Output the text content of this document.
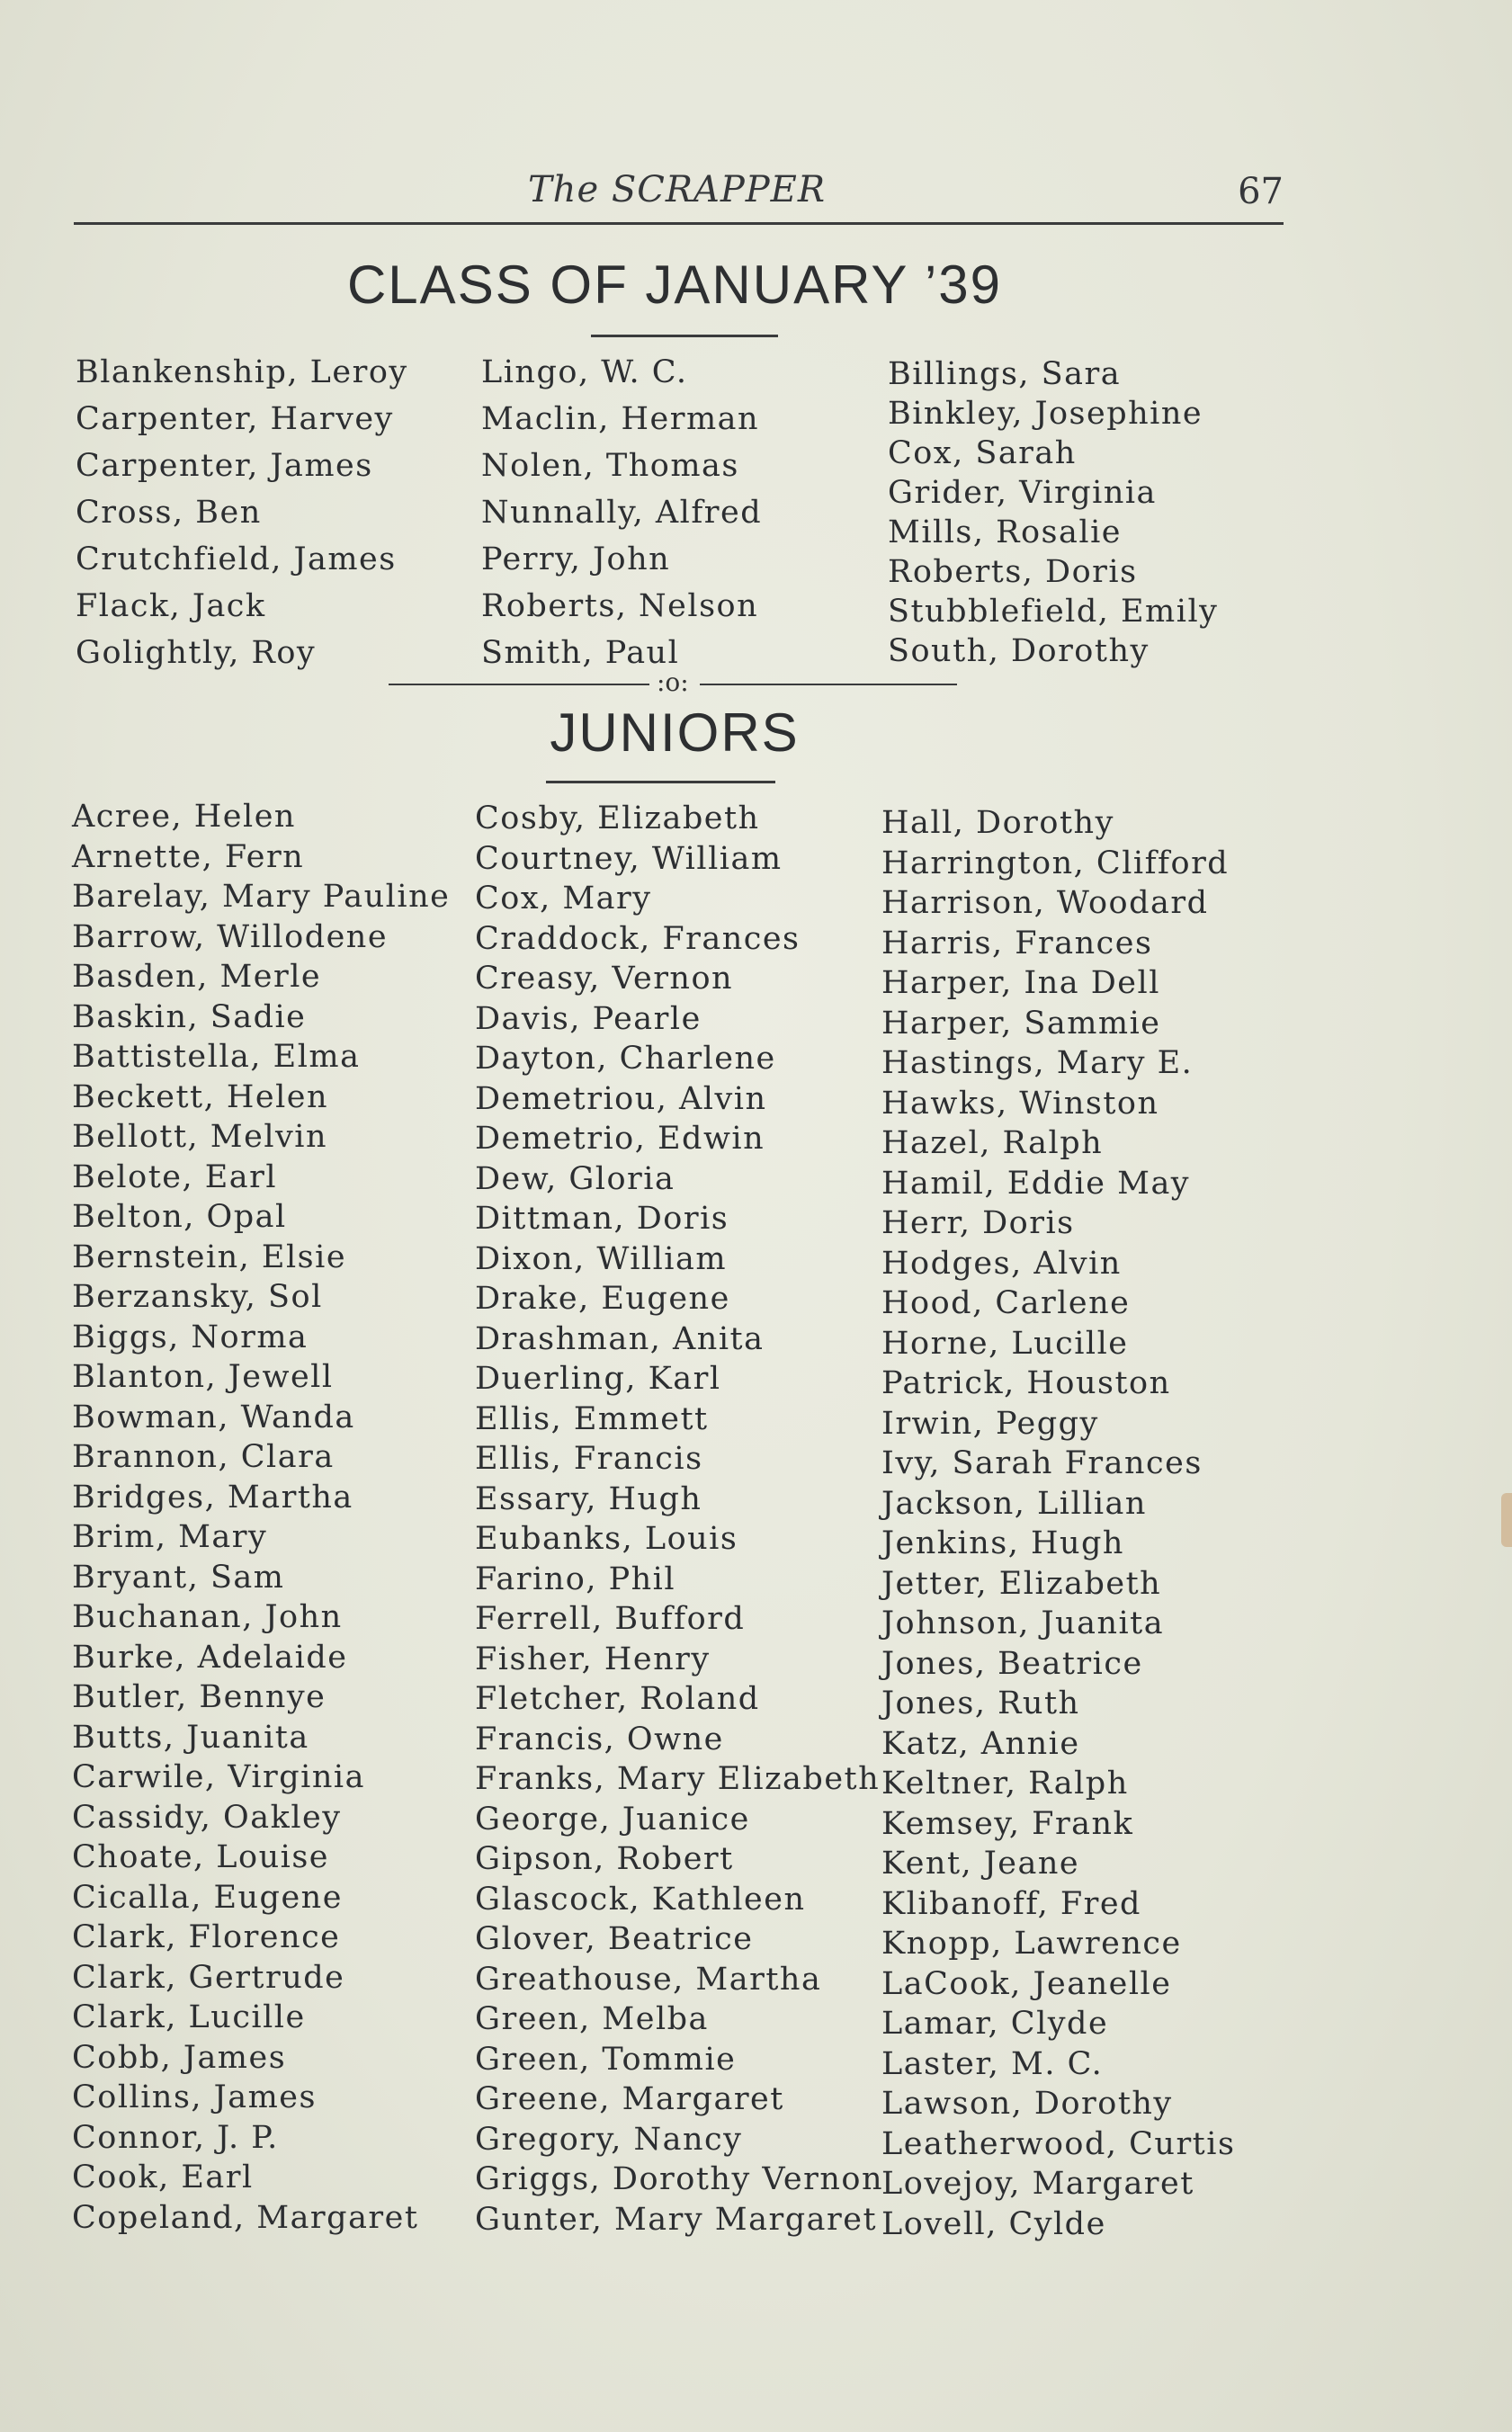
The SCRAPPER	67
CLASS OF JANUARY ’39
Blankenship, Leroy
Carpenter, Harvey
Carpenter, James
Cross, Ben
Crutchfield, James
Flack, Jack
Golightly, Roy
Lingo, W. C.
Maclin, Herman
Nolen, Thomas
Nunnally, Alfred
Perry, John
Roberts, Nelson
Smith, Paul
Billings, Sara
Binkley, Josephine
Cox, Sarah
Grider, Virginia
Mills, Rosalie
Roberts, Doris
Stubblefield, Emily
South, Dorothy
:o:
JUNIORS
Acree, Helen
Arnette, Fern
Barelay, Mary Pauline
Barrow, Willodene
Basden, Merle
Baskin, Sadie
Battistella, Elma
Beckett, Helen
Bellott, Melvin
Belote, Earl
Belton, Opal
Bernstein, Elsie
Berzansky, Sol
Biggs, Norma
Blanton, Jewell
Bowman, Wanda
Brannon, Clara
Bridges, Martha
Brim, Mary
Bryant, Sam
Buchanan, John
Burke, Adelaide
Butler, Bennye
Butts, Juanita
Carwile, Virginia
Cassidy, Oakley
Choate, Louise
Cicalla, Eugene
Clark, Florence
Clark, Gertrude
Clark, Lucille
Cobb, James
Collins, James
Connor, J. P.
Cook, Earl
Copeland, Margaret
Cosby, Elizabeth
Courtney, William
Cox, Mary
Craddock, Frances
Creasy, Vernon
Davis, Pearle
Dayton, Charlene
Demetriou, Alvin
Demetrio, Edwin
Dew, Gloria
Dittman, Doris
Dixon, William
Drake, Eugene
Drashman, Anita
Duerling, Karl
Ellis, Emmett
Ellis, Francis
Essary, Hugh
Eubanks, Louis
Farino, Phil
Ferrell, Bufford
Fisher, Henry
Fletcher, Roland
Francis, Owne
Franks, Mary Elizabeth
George, Juanice
Gipson, Robert
Glascock, Kathleen
Glover, Beatrice
Greathouse, Martha
Green, Melba
Green, Tommie
Greene, Margaret
Gregory, Nancy
Griggs, Dorothy Vernon
Gunter, Mary Margaret
Hall, Dorothy
Harrington, Clifford
Harrison, Woodard
Harris, Frances
Harper, Ina Dell
Harper, Sammie
Hastings, Mary E.
Hawks, Winston
Hazel, Ralph
Hamil, Eddie May
Herr, Doris
Hodges, Alvin
Hood, Carlene
Horne, Lucille
Patrick, Houston
Irwin, Peggy
Ivy, Sarah Frances
Jackson, Lillian
Jenkins, Hugh
Jetter, Elizabeth
Johnson, Juanita
Jones, Beatrice
Jones, Ruth
Katz, Annie
Keltner, Ralph
Kemsey, Frank
Kent, Jeane
Klibanoff, Fred
Knopp, Lawrence
LaCook, Jeanelle
Lamar, Clyde
Laster, M. C.
Lawson, Dorothy
Leatherwood, Curtis
Lovejoy, Margaret
Lovell, Cylde
